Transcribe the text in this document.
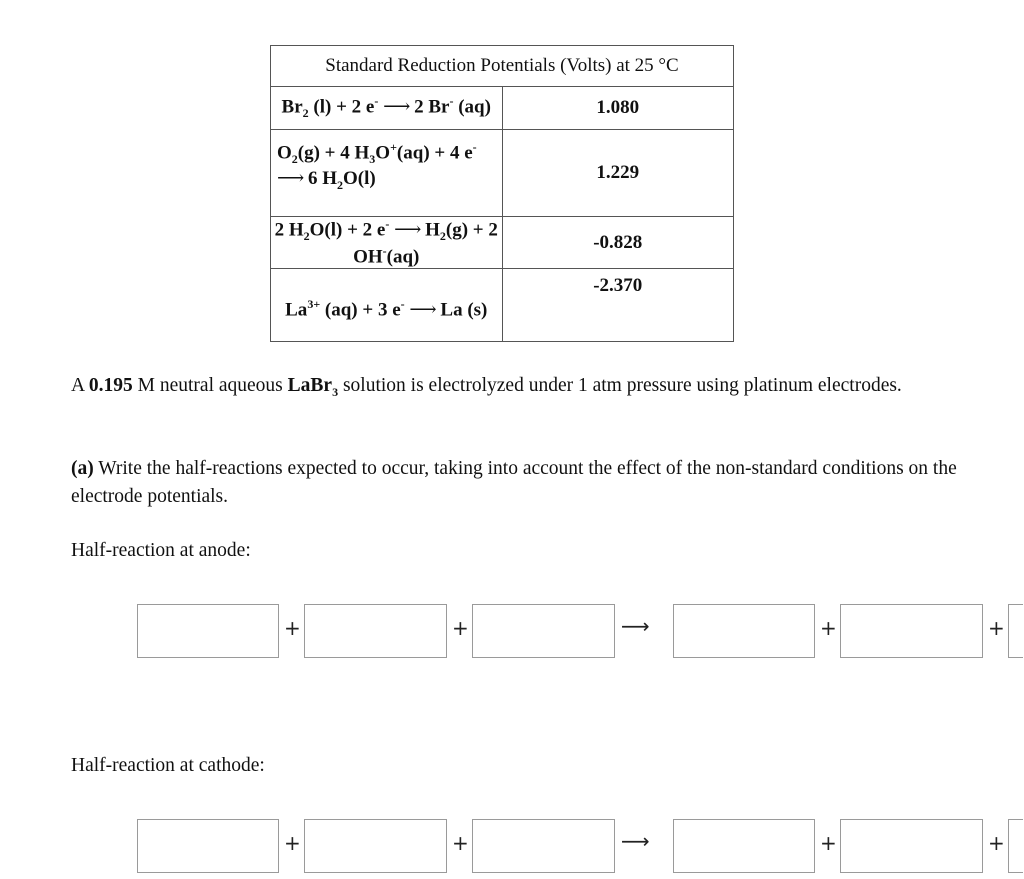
Standard Reduction Potentials (Volts) at 25 °C	
$Br_2$ (l) + 2 e- ⟶ 2 Br- (aq)	1.080
$O_2(g) + 4$ $H_3O^+(aq) + 4$ e- ⟶ 6 $H_2O(l)$	1.229
2 $H_2O(l) + 2$ e- ⟶ $H_2(g) + 2$ OH-(aq)	-0.828
$La^{3+}$ (aq) + 3 e- ⟶ La (s)	-2.370
A 0.195 M neutral aqueous LaBr$_3$ solution is electrolyzed under 1 atm pressure using platinum electrodes.
(a) Write the half-reactions expected to occur, taking into account the effect of the non-standard conditions on the electrode potentials.
Half-reaction at anode:
+	+	⟶	+	+
Half-reaction at cathode:
+	+	⟶	+	+
